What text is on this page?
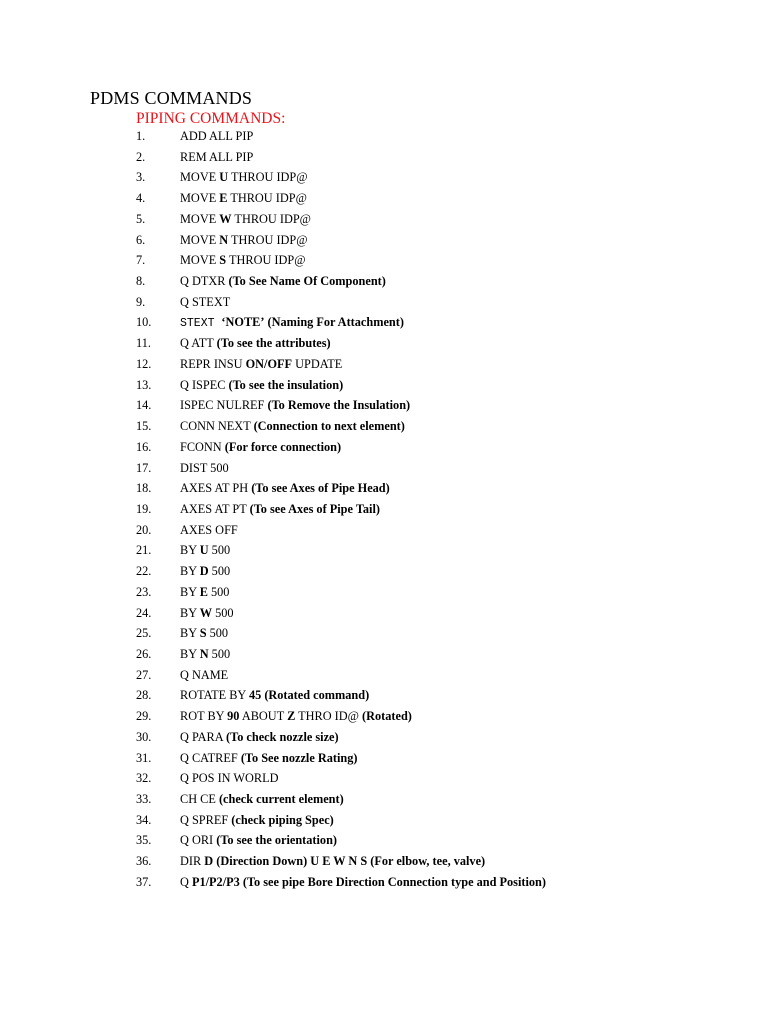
PDMS COMMANDS
PIPING COMMANDS:
1.	ADD ALL PIP
2.	REM ALL PIP
3.	MOVE U THROU IDP@
4.	MOVE E THROU IDP@
5.	MOVE W THROU IDP@
6.	MOVE N THROU IDP@
7.	MOVE S THROU IDP@
8.	Q DTXR (To See Name Of Component)
9.	Q STEXT
10. STEXT ‘NOTE’ (Naming For Attachment)
11. Q ATT (To see the attributes)
12. REPR INSU ON/OFF UPDATE
13. Q ISPEC (To see the insulation)
14. ISPEC NULREF (To Remove the Insulation)
15. CONN NEXT (Connection to next element)
16. FCONN (For force connection)
17. DIST 500
18. AXES AT PH (To see Axes of Pipe Head)
19. AXES AT PT (To see Axes of Pipe Tail)
20. AXES OFF
21. BY U 500
22. BY D 500
23. BY E 500
24. BY W 500
25. BY S 500
26. BY N 500
27. Q NAME
28. ROTATE BY 45 (Rotated command)
29. ROT BY 90 ABOUT Z THRO ID@ (Rotated)
30. Q PARA (To check nozzle size)
31. Q CATREF (To See nozzle Rating)
32. Q POS IN WORLD
33. CH CE (check current element)
34. Q SPREF (check piping Spec)
35. Q ORI (To see the orientation)
36. DIR D (Direction Down) U E W N S (For elbow, tee, valve)
37. Q P1/P2/P3 (To see pipe Bore Direction Connection type and Position)
